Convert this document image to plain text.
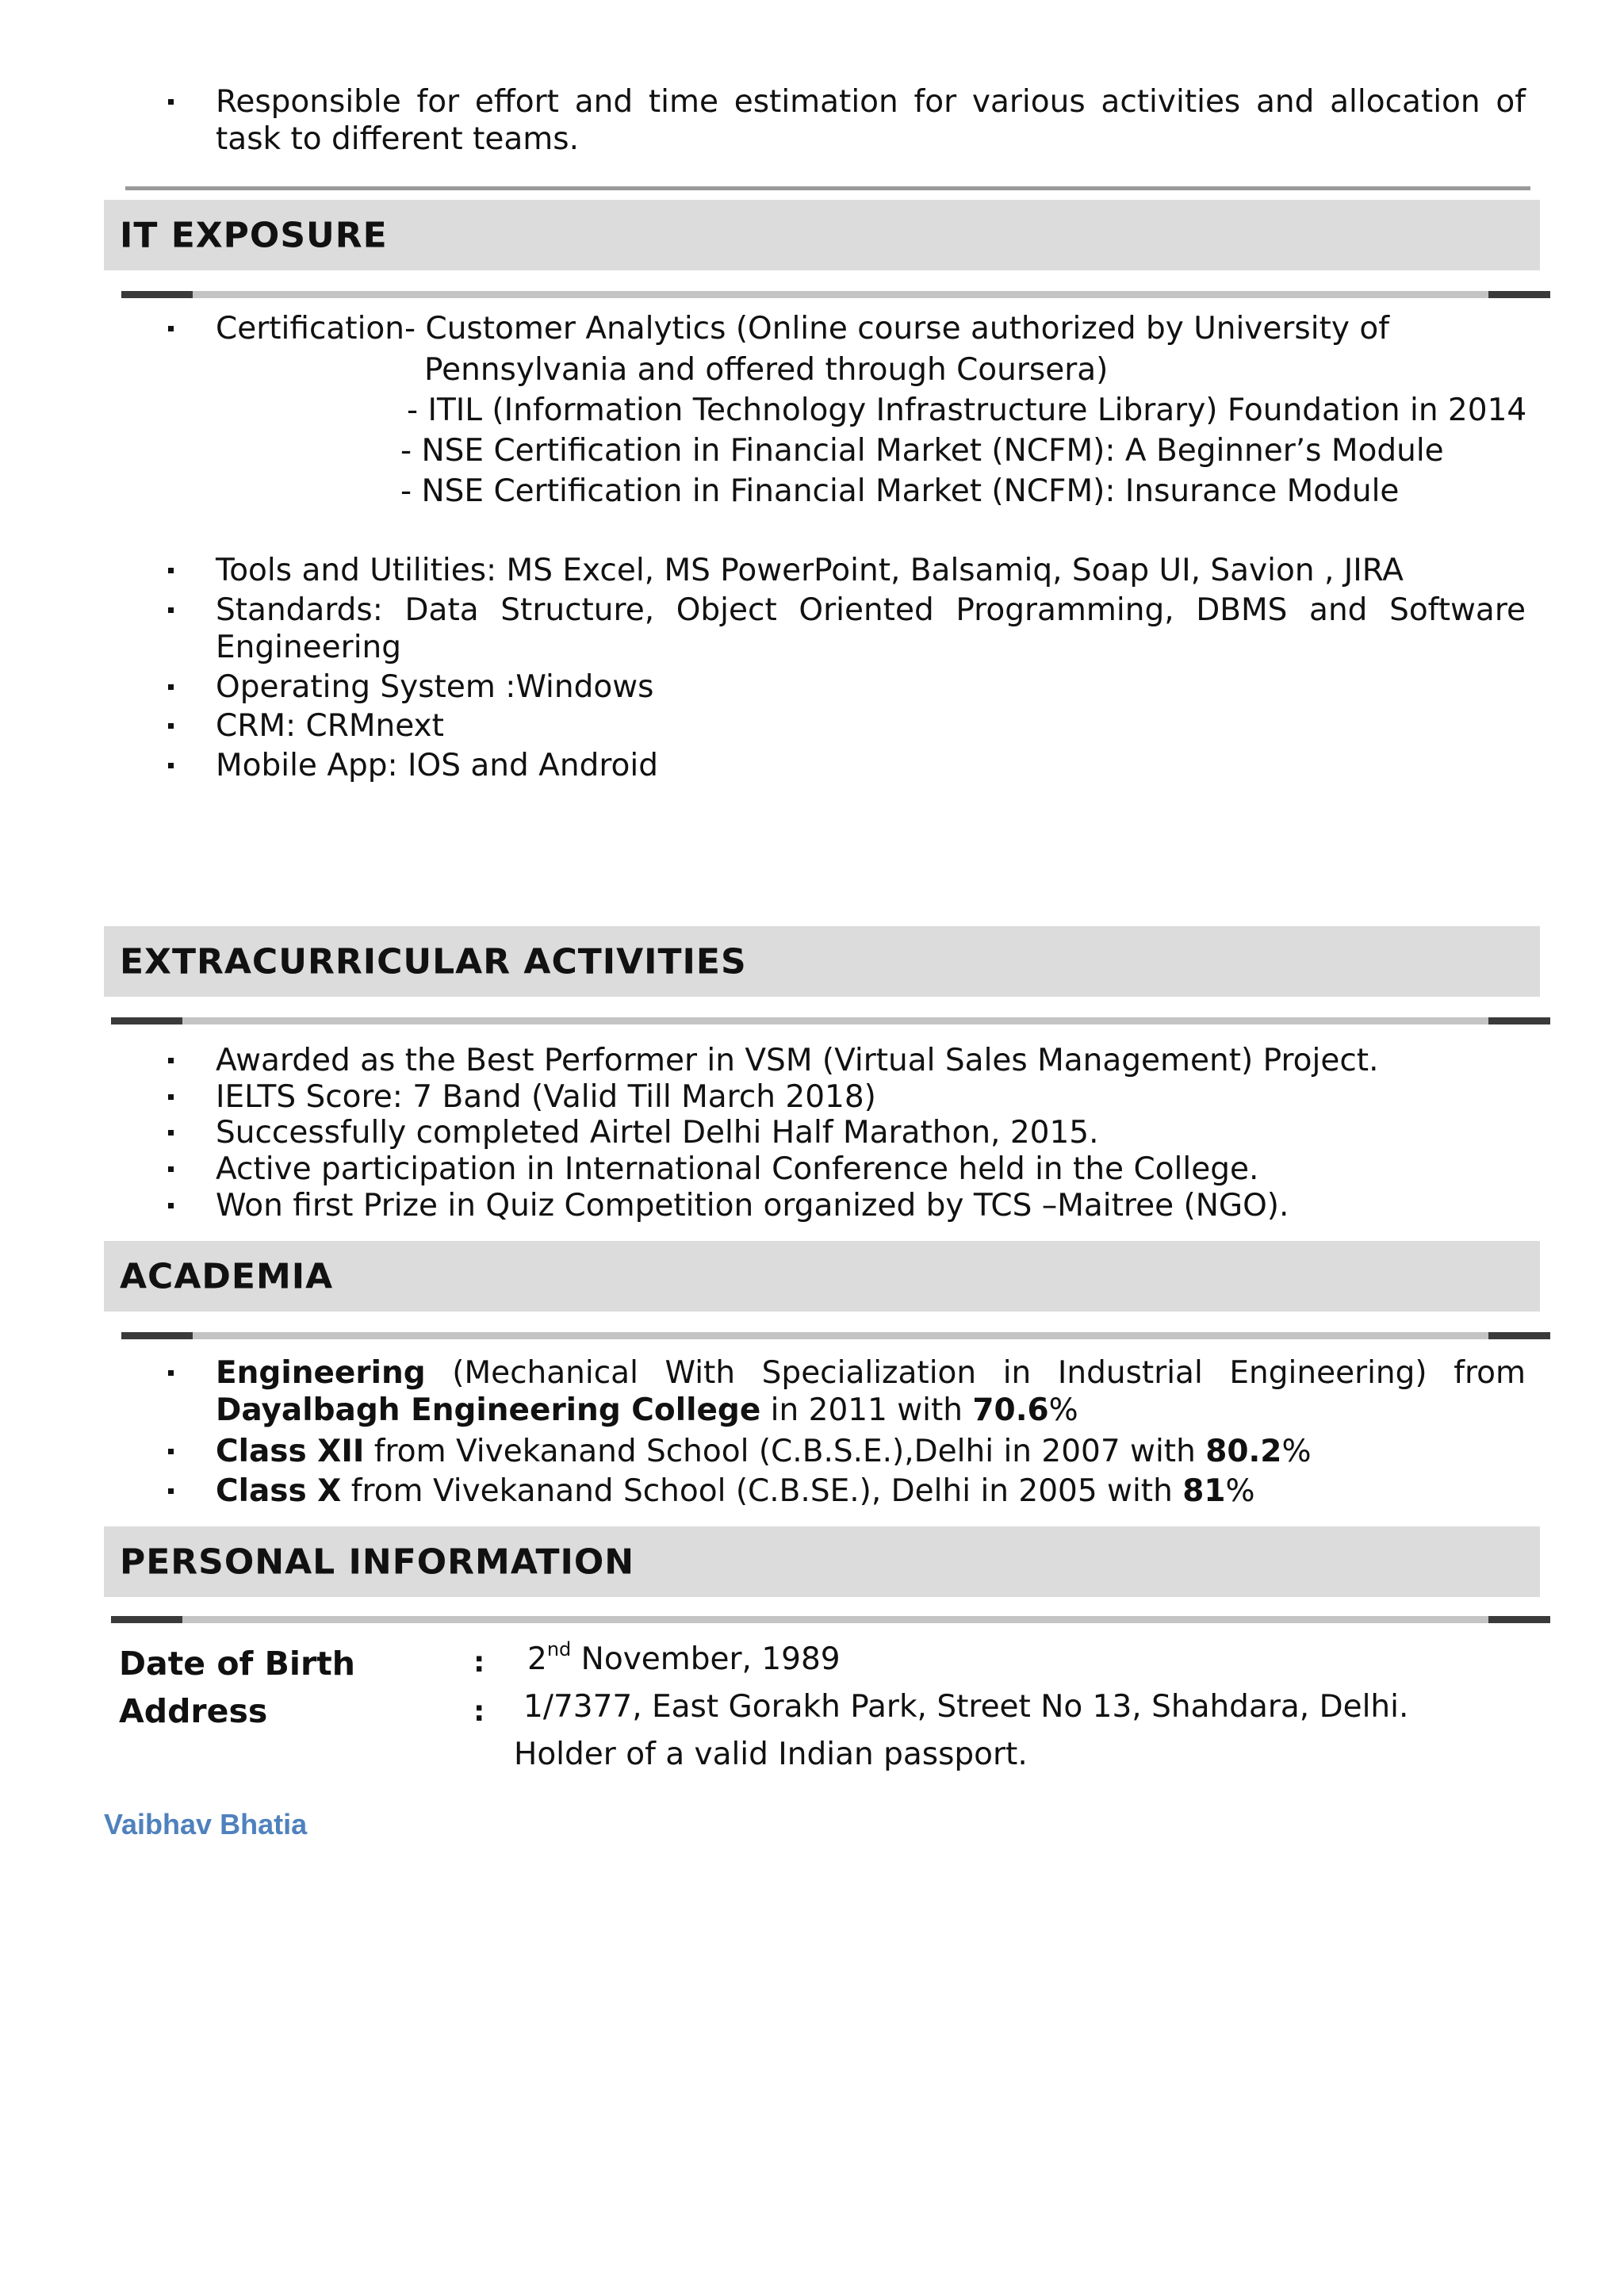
Responsible for effort and time estimation for various activities and allocation of task to different teams.
IT EXPOSURE
Certification- Customer Analytics (Online course authorized by University of
Pennsylvania and offered through Coursera)
- ITIL (Information Technology Infrastructure Library) Foundation in 2014
- NSE Certification in Financial Market (NCFM): A Beginner’s Module
- NSE Certification in Financial Market (NCFM): Insurance Module
Tools and Utilities: MS Excel, MS PowerPoint, Balsamiq, Soap UI, Savion , JIRA
Standards: Data Structure, Object Oriented Programming, DBMS and Software Engineering
Operating System :Windows
CRM: CRMnext
Mobile App: IOS and Android
EXTRACURRICULAR ACTIVITIES
Awarded as the Best Performer in VSM (Virtual Sales Management) Project.
IELTS Score: 7 Band (Valid Till March 2018)
Successfully completed Airtel Delhi Half Marathon, 2015.
Active participation in International Conference held in the College.
Won first Prize in Quiz Competition organized by TCS –Maitree (NGO).
ACADEMIA
Engineering (Mechanical With Specialization in Industrial Engineering) from Dayalbagh Engineering College in 2011 with 70.6%
Class XII from Vivekanand School (C.B.S.E.),Delhi in 2007 with 80.2%
Class X from Vivekanand School (C.B.SE.), Delhi in 2005 with 81%
PERSONAL INFORMATION
Date of Birth	: 2nd November, 1989
Address	: 1/7377, East Gorakh Park, Street No 13, Shahdara, Delhi.
Holder of a valid Indian passport.
Vaibhav Bhatia
